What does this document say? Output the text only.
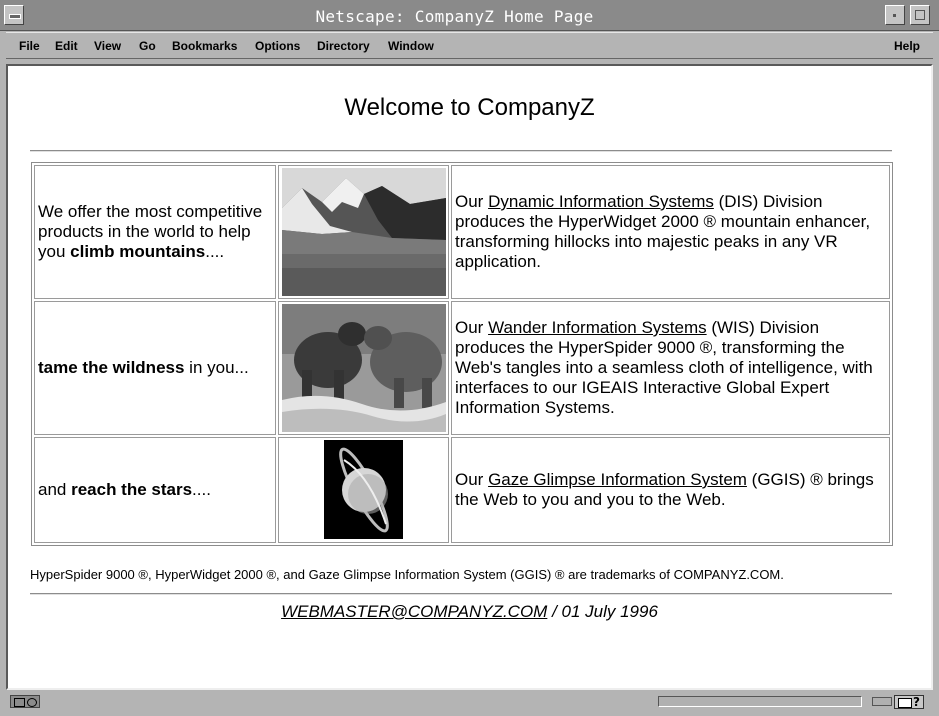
Netscape: CompanyZ Home Page
File Edit View Go Bookmarks Options Directory Window	Help
Welcome to CompanyZ
We offer the most competitive products in the world to help you climb mountains....
Our Dynamic Information Systems (DIS) Division produces the HyperWidget 2000 ® mountain enhancer, transforming hillocks into majestic peaks in any VR application.
tame the wildness in you...
Our Wander Information Systems (WIS) Division produces the HyperSpider 9000 ®, transforming the Web's tangles into a seamless cloth of intelligence, with interfaces to our IGEAIS Interactive Global Expert Information Systems.
and reach the stars....
Our Gaze Glimpse Information System (GGIS) ® brings the Web to you and you to the Web.
HyperSpider 9000 ®, HyperWidget 2000 ®, and Gaze Glimpse Information System (GGIS) ® are trademarks of COMPANYZ.COM.
WEBMASTER@COMPANYZ.COM / 01 July 1996
?
